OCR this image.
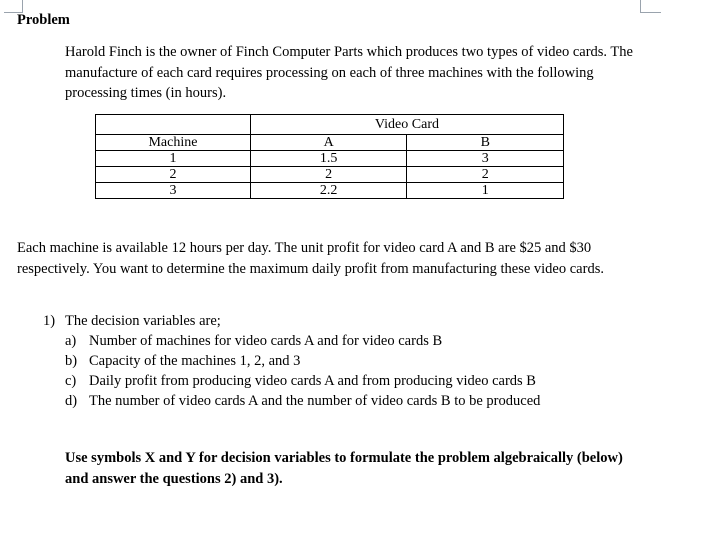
Problem
Harold Finch is the owner of Finch Computer Parts which produces two types of video cards. The manufacture of each card requires processing on each of three machines with the following processing times (in hours).
	Video Card	
Machine	A	B
1	1.5	3
2	2	2
3	2.2	1
Each machine is available 12 hours per day. The unit profit for video card A and B are $25 and $30 respectively. You want to determine the maximum daily profit from manufacturing these video cards.
1) The decision variables are;
a) Number of machines for video cards A and for video cards B
b) Capacity of the machines 1, 2, and 3
c) Daily profit from producing video cards A and from producing video cards B
d) The number of video cards A and the number of video cards B to be produced
Use symbols X and Y for decision variables to formulate the problem algebraically (below) and answer the questions 2) and 3).
